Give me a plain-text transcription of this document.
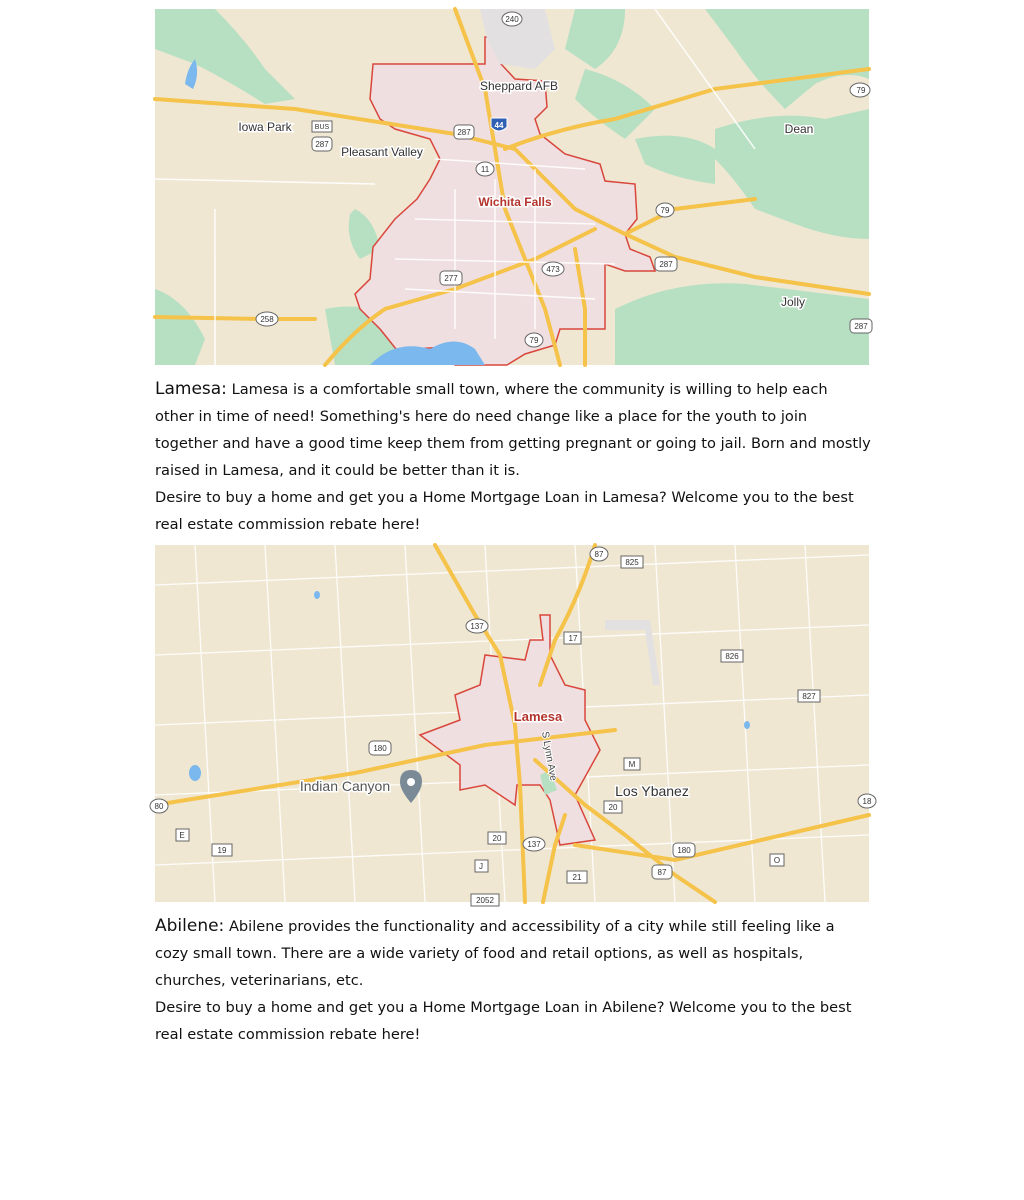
Wichita Falls
Sheppard AFB
Iowa Park
Pleasant Valley
Dean
Jolly
240
287
287
BUS
11
277
473
79
258
79
287
79
287
44
Lamesa: Lamesa is a comfortable small town, where the community is willing to help each other in time of need! Something's here do need change like a place for the youth to join together and have a good time keep them from getting pregnant or going to jail. Born and mostly raised in Lamesa, and it could be better than it is.
Desire to buy a home and get you a Home Mortgage Loan in Lamesa? Welcome you to the best real estate commission rebate here!
Lamesa
Indian Canyon	Los Ybanez
S Lynn Ave
87
825
137
17
826
827
180
M
80
18
E
19
20
137
180
20
O
J
87
21
2052
Abilene: Abilene provides the functionality and accessibility of a city while still feeling like a cozy small town. There are a wide variety of food and retail options, as well as hospitals, churches, veterinarians, etc.
Desire to buy a home and get you a Home Mortgage Loan in Abilene? Welcome you to the best real estate commission rebate here!
